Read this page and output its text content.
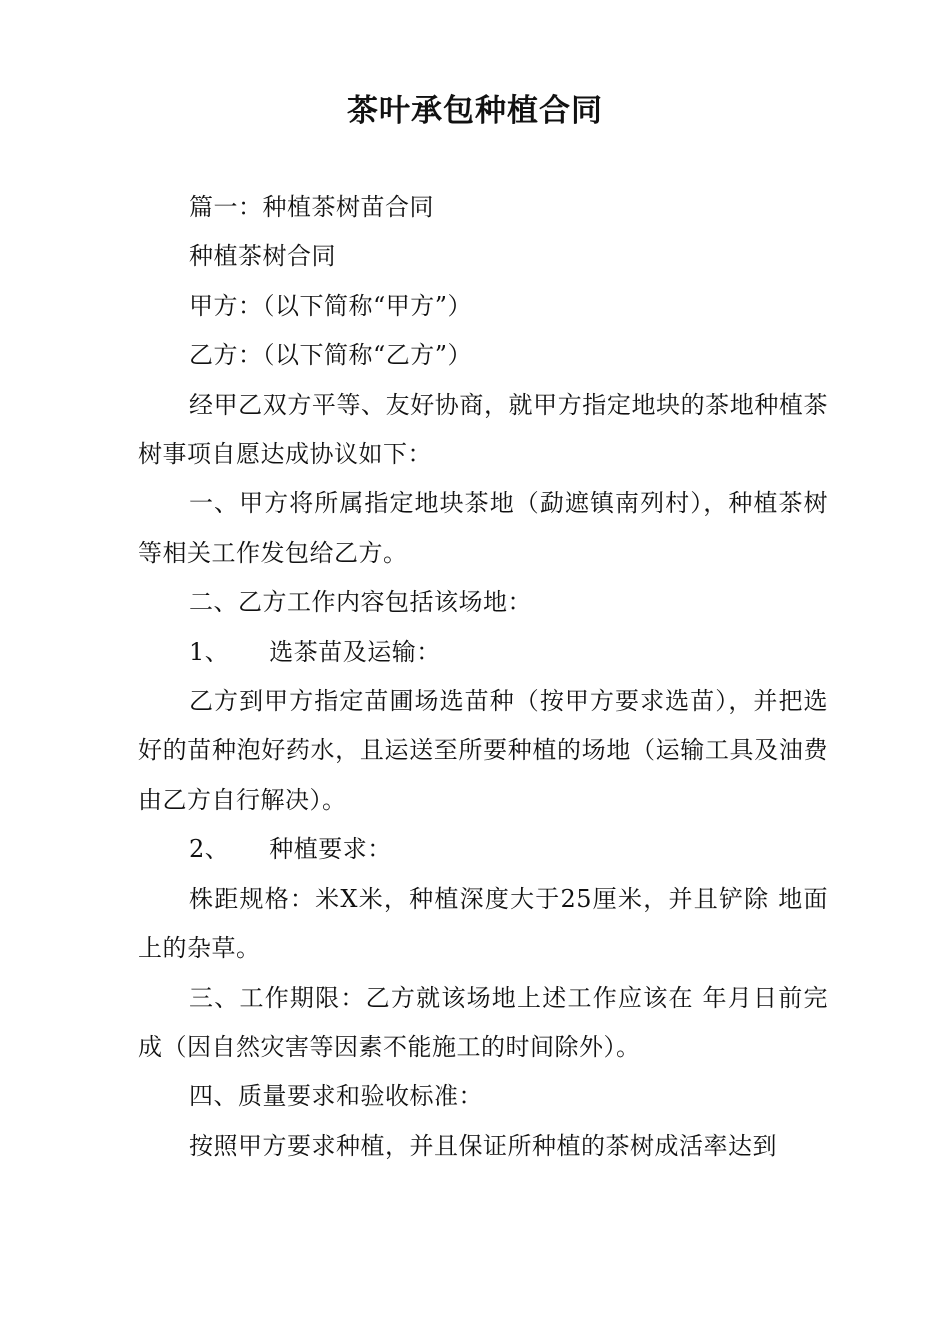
茶叶承包种植合同

篇一：种植茶树苗合同

种植茶树合同

甲方：（以下简称“甲方”）

乙方：（以下简称“乙方”）

经甲乙双方平等、友好协商，就甲方指定地块的茶地种植茶树事项自愿达成协议如下：

一、甲方将所属指定地块茶地（勐遮镇南列村），种植茶树等相关工作发包给乙方。

二、乙方工作内容包括该场地：

1、 选茶苗及运输：

乙方到甲方指定苗圃场选苗种（按甲方要求选苗），并把选好的苗种泡好药水，且运送至所要种植的场地（运输工具及油费由乙方自行解决）。

2、 种植要求：

株距规格：米X米，种植深度大于25厘米，并且铲除 地面上的杂草。

三、工作期限：乙方就该场地上述工作应该在 年月日前完成（因自然灾害等因素不能施工的时间除外）。

四、质量要求和验收标准：

按照甲方要求种植，并且保证所种植的茶树成活率达到
